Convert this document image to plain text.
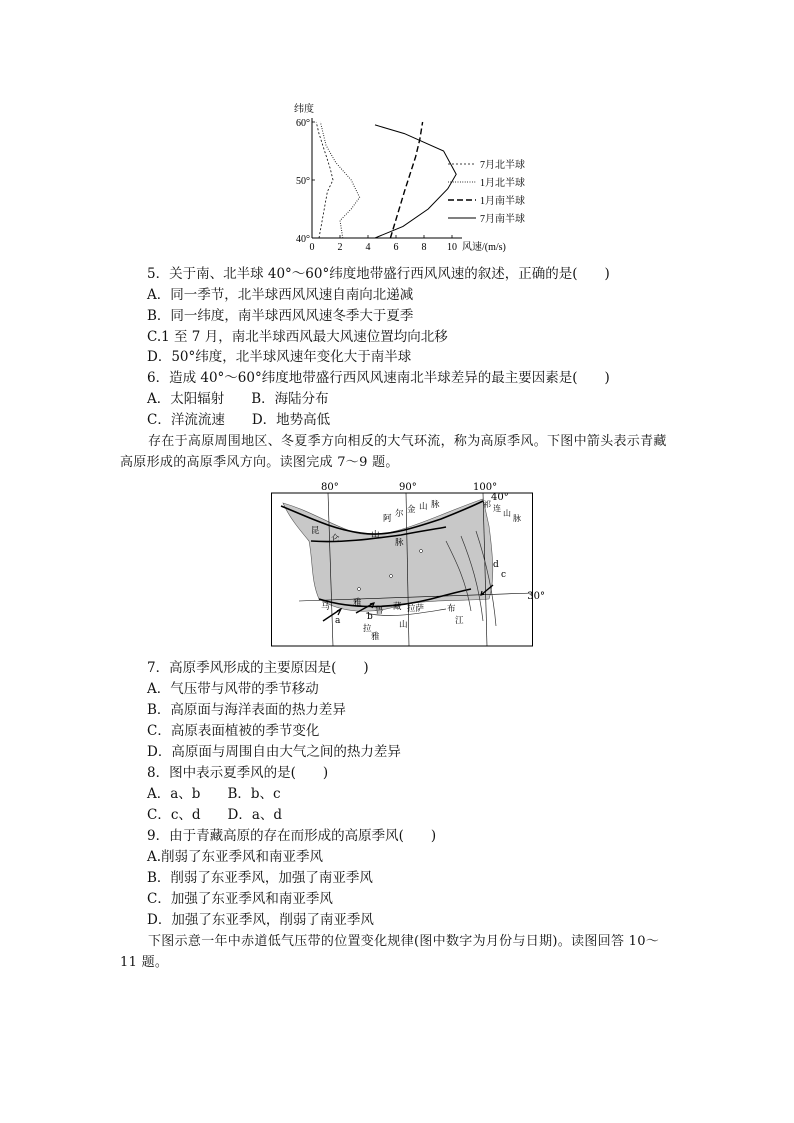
0 2 4 6 8 10
40°
50°
60°
纬度
风速/(m/s)
7月北半球
1月北半球
1月南半球
7月南半球
5．关于南、北半球 40°～60°纬度地带盛行西风风速的叙述，正确的是(　　)
A．同一季节，北半球西风风速自南向北递减
B．同一纬度，南半球西风风速冬季大于夏季
C.1 至 7 月，南北半球西风最大风速位置均向北移
D．50°纬度，北半球风速年变化大于南半球
6．造成 40°～60°纬度地带盛行西风风速南北半球差异的最主要因素是(　　)
A．太阳辐射　　B．海陆分布
C．洋流流速　　D．地势高低
存在于高原周围地区、冬夏季方向相反的大气环流，称为高原季风。下图中箭头表示青藏高原形成的高原季风方向。读图完成 7～9 题。
80°	90°	100°
40°
30°
阿 尔 金 山 脉
昆
仑	山
脉
祁 连
山
脉
马
拉
雅
山
雅
鲁 藏	布
江
拉萨
a	b
c
d
7．高原季风形成的主要原因是(　　)
A．气压带与风带的季节移动
B．高原面与海洋表面的热力差异
C．高原表面植被的季节变化
D．高原面与周围自由大气之间的热力差异
8．图中表示夏季风的是(　　)
A．a、b　　B．b、c
C．c、d　　D．a、d
9．由于青藏高原的存在而形成的高原季风(　　)
A.削弱了东亚季风和南亚季风
B．削弱了东亚季风，加强了南亚季风
C．加强了东亚季风和南亚季风
D．加强了东亚季风，削弱了南亚季风
下图示意一年中赤道低气压带的位置变化规律(图中数字为月份与日期)。读图回答 10～11 题。
